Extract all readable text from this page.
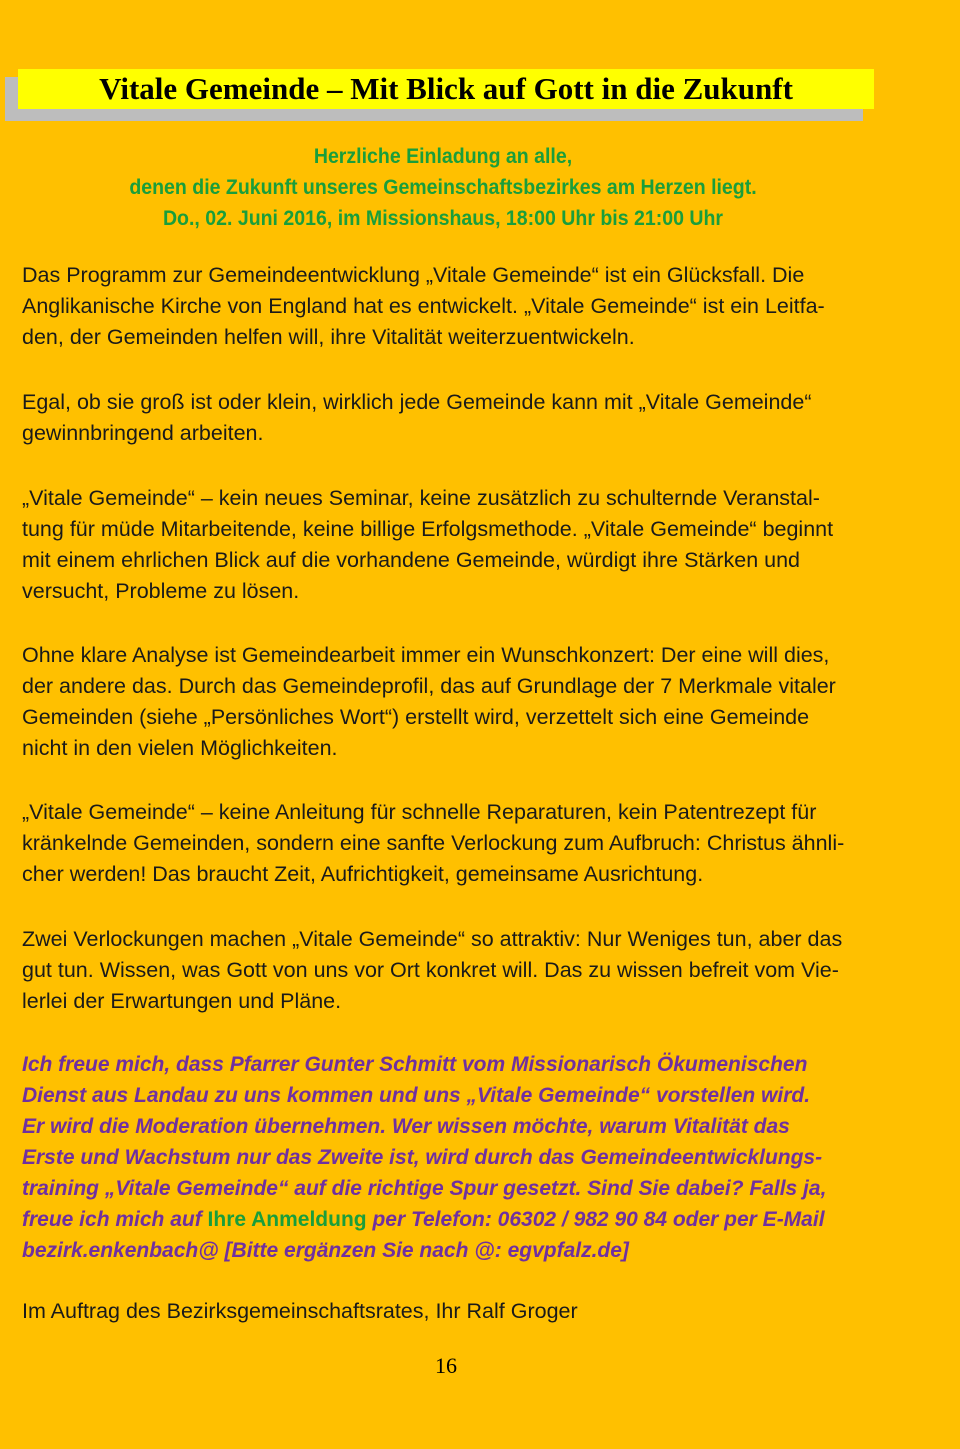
Vitale Gemeinde – Mit Blick auf Gott in die Zukunft
Herzliche Einladung an alle,
denen die Zukunft unseres Gemeinschaftsbezirkes am Herzen liegt.
Do., 02. Juni 2016, im Missionshaus, 18:00 Uhr bis 21:00 Uhr
Das Programm zur Gemeindeentwicklung „Vitale Gemeinde“ ist ein Glücksfall. Die
Anglikanische Kirche von England hat es entwickelt. „Vitale Gemeinde“ ist ein Leitfa-
den, der Gemeinden helfen will, ihre Vitalität weiterzuentwickeln.
Egal, ob sie groß ist oder klein, wirklich jede Gemeinde kann mit „Vitale Gemeinde“
gewinnbringend arbeiten.
„Vitale Gemeinde“ – kein neues Seminar, keine zusätzlich zu schulternde Veranstal-
tung für müde Mitarbeitende, keine billige Erfolgsmethode. „Vitale Gemeinde“ beginnt
mit einem ehrlichen Blick auf die vorhandene Gemeinde, würdigt ihre Stärken und
versucht, Probleme zu lösen.
Ohne klare Analyse ist Gemeindearbeit immer ein Wunschkonzert: Der eine will dies,
der andere das. Durch das Gemeindeprofil, das auf Grundlage der 7 Merkmale vitaler
Gemeinden (siehe „Persönliches Wort“) erstellt wird, verzettelt sich eine Gemeinde
nicht in den vielen Möglichkeiten.
„Vitale Gemeinde“ – keine Anleitung für schnelle Reparaturen, kein Patentrezept für
kränkelnde Gemeinden, sondern eine sanfte Verlockung zum Aufbruch: Christus ähnli-
cher werden! Das braucht Zeit, Aufrichtigkeit, gemeinsame Ausrichtung.
Zwei Verlockungen machen „Vitale Gemeinde“ so attraktiv: Nur Weniges tun, aber das
gut tun. Wissen, was Gott von uns vor Ort konkret will. Das zu wissen befreit vom Vie-
lerlei der Erwartungen und Pläne.
Ich freue mich, dass Pfarrer Gunter Schmitt vom Missionarisch Ökumenischen
Dienst aus Landau zu uns kommen und uns „Vitale Gemeinde“ vorstellen wird.
Er wird die Moderation übernehmen. Wer wissen möchte, warum Vitalität das
Erste und Wachstum nur das Zweite ist, wird durch das Gemeindeentwicklungs-
training „Vitale Gemeinde“ auf die richtige Spur gesetzt. Sind Sie dabei? Falls ja,
freue ich mich auf Ihre Anmeldung per Telefon: 06302 / 982 90 84 oder per E-Mail
bezirk.enkenbach@ [Bitte ergänzen Sie nach @: egvpfalz.de]
Im Auftrag des Bezirksgemeinschaftsrates, Ihr Ralf Groger
16
